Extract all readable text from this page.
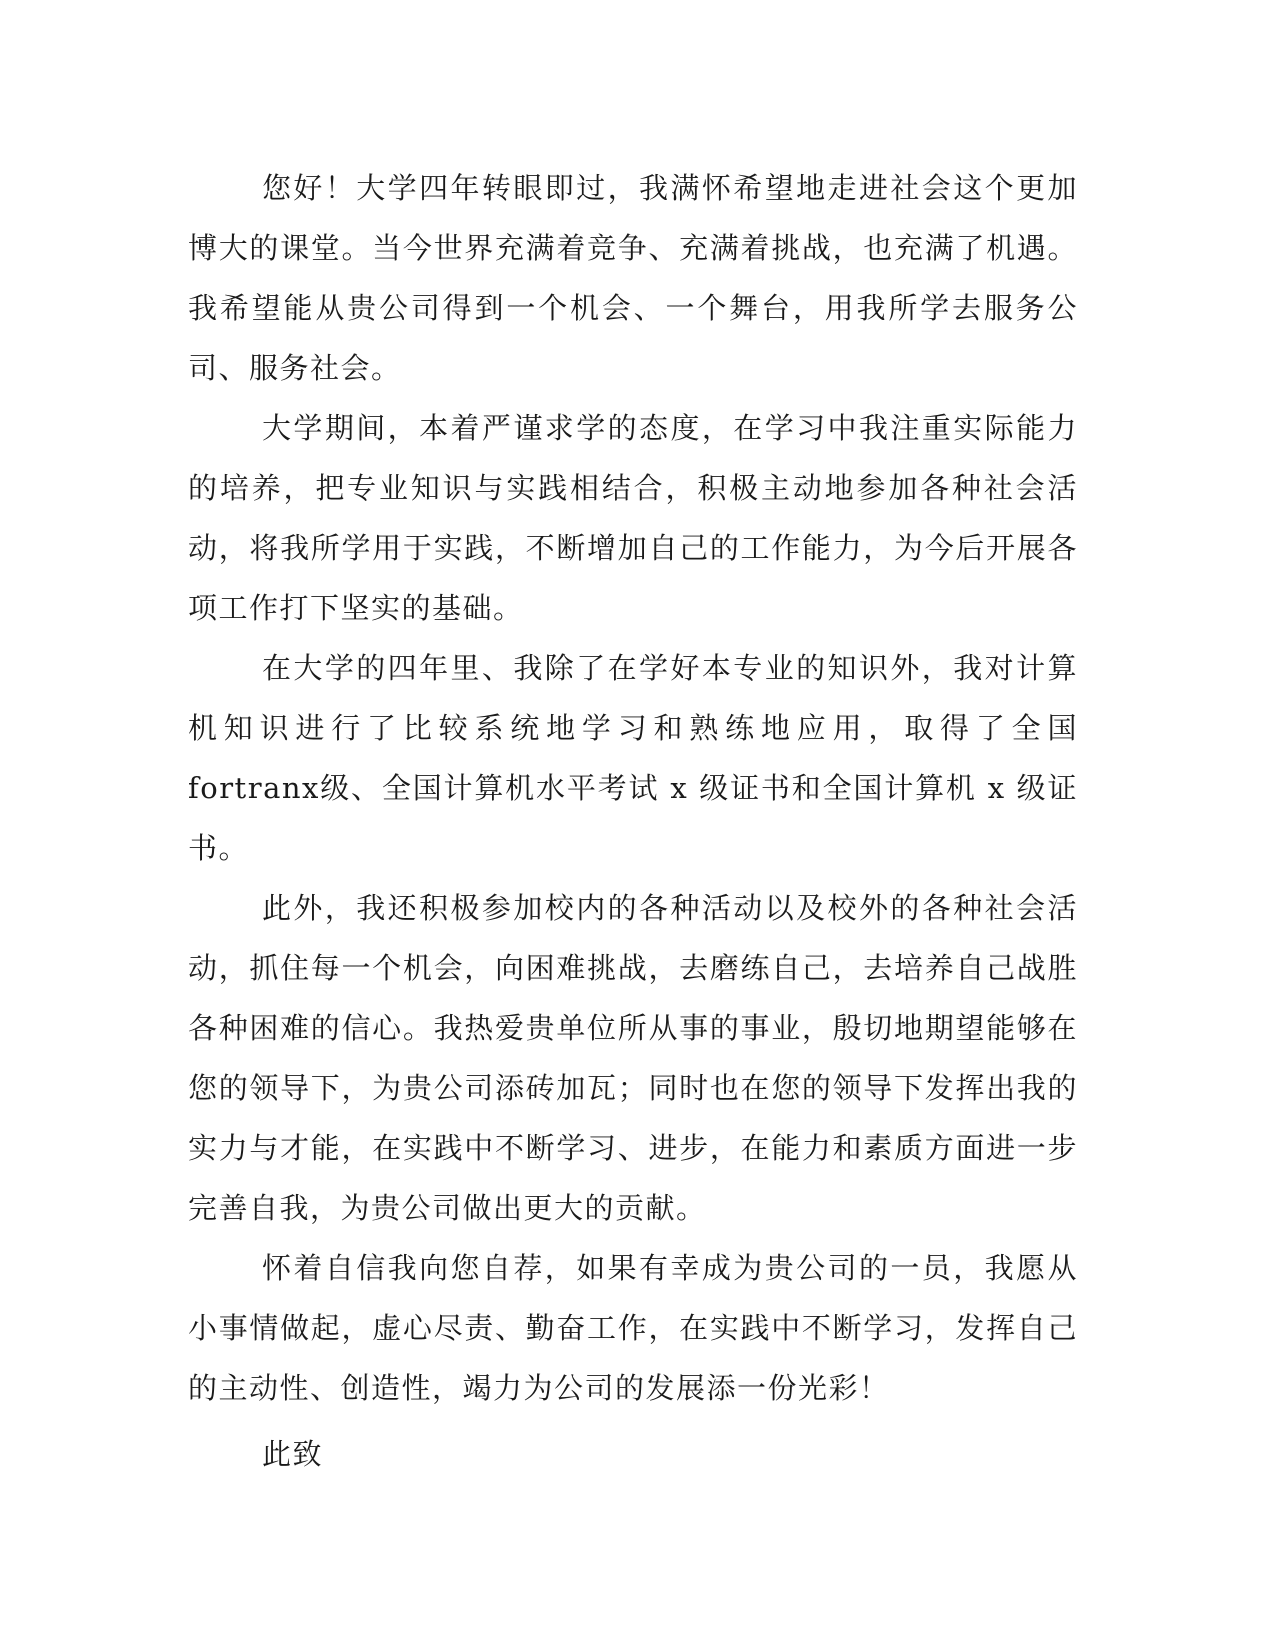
您好！大学四年转眼即过，我满怀希望地走进社会这个更加博大的课堂。当今世界充满着竞争、充满着挑战，也充满了机遇。我希望能从贵公司得到一个机会、一个舞台，用我所学去服务公司、服务社会。

大学期间，本着严谨求学的态度，在学习中我注重实际能力的培养，把专业知识与实践相结合，积极主动地参加各种社会活动，将我所学用于实践，不断增加自己的工作能力，为今后开展各项工作打下坚实的基础。

在大学的四年里、我除了在学好本专业的知识外，我对计算机知识进行了比较系统地学习和熟练地应用，取得了全国 fortranx级、全国计算机水平考试 x 级证书和全国计算机 x 级证书。

此外，我还积极参加校内的各种活动以及校外的各种社会活动，抓住每一个机会，向困难挑战，去磨练自己，去培养自己战胜各种困难的信心。我热爱贵单位所从事的事业，殷切地期望能够在您的领导下，为贵公司添砖加瓦；同时也在您的领导下发挥出我的实力与才能，在实践中不断学习、进步，在能力和素质方面进一步完善自我，为贵公司做出更大的贡献。

怀着自信我向您自荐，如果有幸成为贵公司的一员，我愿从小事情做起，虚心尽责、勤奋工作，在实践中不断学习，发挥自己的主动性、创造性，竭力为公司的发展添一份光彩！

此致
